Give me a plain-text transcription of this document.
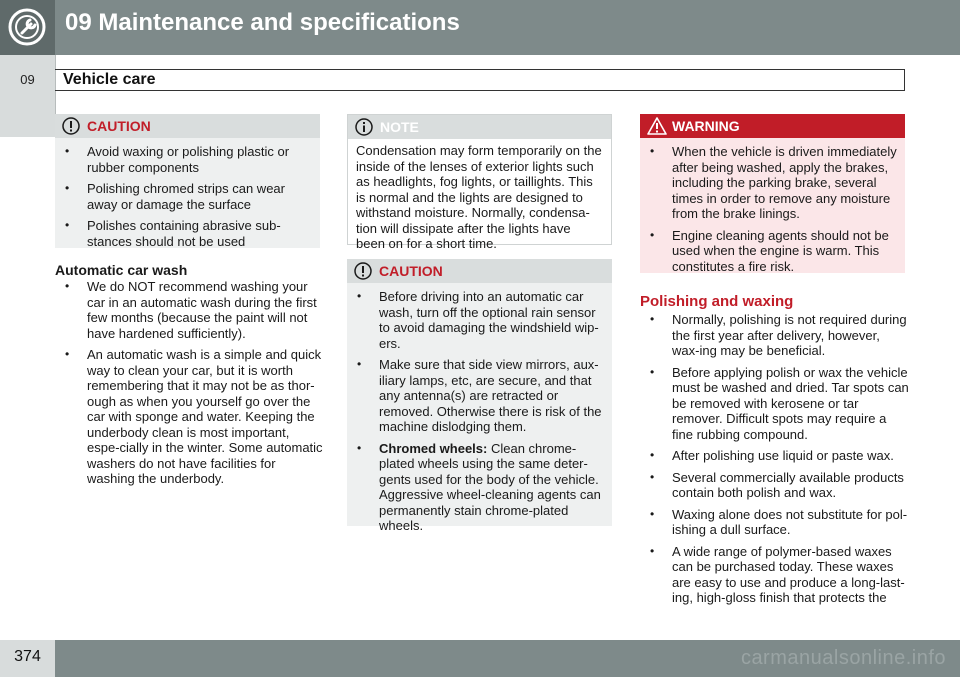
09 Maintenance and specifications
09	Vehicle care
CAUTION
• Avoid waxing or polishing plastic or rubber components
• Polishing chromed strips can wear away or damage the surface
• Polishes containing abrasive sub-stances should not be used
Automatic car wash
• We do NOT recommend washing your car in an automatic wash during the first few months (because the paint will not have hardened sufficiently).
• An automatic wash is a simple and quick way to clean your car, but it is worth remembering that it may not be as thor-ough as when you yourself go over the car with sponge and water. Keeping the underbody clean is most important, espe-cially in the winter. Some automatic washers do not have facilities for washing the underbody.
NOTE
Condensation may form temporarily on the inside of the lenses of exterior lights such as headlights, fog lights, or taillights. This is normal and the lights are designed to withstand moisture. Normally, condensa-tion will dissipate after the lights have been on for a short time.
CAUTION
• Before driving into an automatic car wash, turn off the optional rain sensor to avoid damaging the windshield wip-ers.
• Make sure that side view mirrors, aux-iliary lamps, etc, are secure, and that any antenna(s) are retracted or removed. Otherwise there is risk of the machine dislodging them.
• Chromed wheels: Clean chrome-plated wheels using the same deter-gents used for the body of the vehicle. Aggressive wheel-cleaning agents can permanently stain chrome-plated wheels.
WARNING
• When the vehicle is driven immediately after being washed, apply the brakes, including the parking brake, several times in order to remove any moisture from the brake linings.
• Engine cleaning agents should not be used when the engine is warm. This constitutes a fire risk.
Polishing and waxing
• Normally, polishing is not required during the first year after delivery, however, wax-ing may be beneficial.
• Before applying polish or wax the vehicle must be washed and dried. Tar spots can be removed with kerosene or tar remover. Difficult spots may require a fine rubbing compound.
• After polishing use liquid or paste wax.
• Several commercially available products contain both polish and wax.
• Waxing alone does not substitute for pol-ishing a dull surface.
• A wide range of polymer-based waxes can be purchased today. These waxes are easy to use and produce a long-last-ing, high-gloss finish that protects the
374	carmanualsonline.info
